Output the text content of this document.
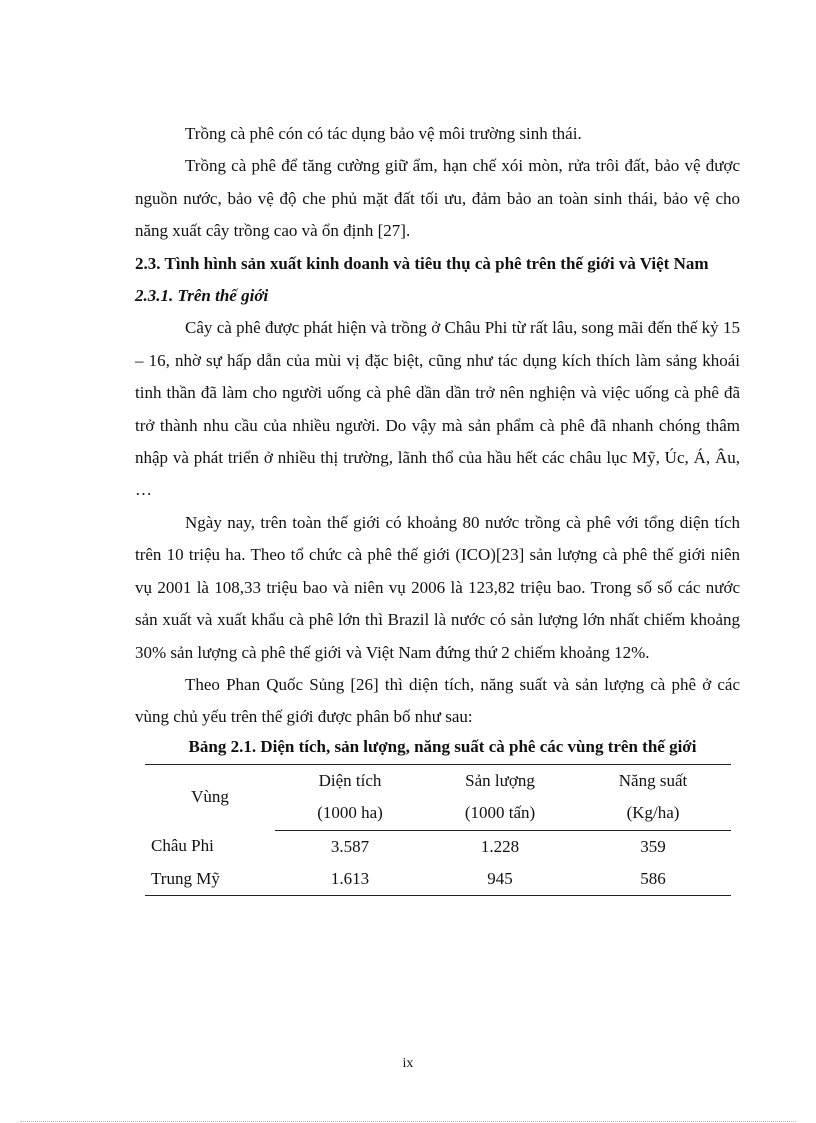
Trồng cà phê cón có tác dụng bảo vệ môi trường sinh thái.

Trồng cà phê để tăng cường giữ ẩm, hạn chế xói mòn, rửa trôi đất, bảo vệ được nguồn nước, bảo vệ độ che phủ mặt đất tối ưu, đảm bảo an toàn sinh thái, bảo vệ cho năng xuất cây trồng cao và ổn định [27].

2.3. Tình hình sản xuất kinh doanh và tiêu thụ cà phê trên thế giới và Việt Nam

2.3.1. Trên thế giới

Cây cà phê được phát hiện và trồng ở Châu Phi từ rất lâu, song mãi đến thế kỷ 15 – 16, nhờ sự hấp dẫn của mùi vị đặc biệt, cũng như tác dụng kích thích làm sảng khoái tinh thần đã làm cho người uống cà phê dần dần trở nên nghiện và việc uống cà phê đã trở thành nhu cầu của nhiều người. Do vậy mà sản phẩm cà phê đã nhanh chóng thâm nhập và phát triển ở nhiều thị trường, lãnh thổ của hầu hết các châu lục Mỹ, Úc, Á, Âu, …

Ngày nay, trên toàn thế giới có khoảng 80 nước trồng cà phê với tổng diện tích trên 10 triệu ha. Theo tổ chức cà phê thế giới (ICO)[23] sản lượng cà phê thế giới niên vụ 2001 là 108,33 triệu bao và niên vụ 2006 là 123,82 triệu bao. Trong số số các nước sản xuất và xuất khẩu cà phê lớn thì Brazil là nước có sản lượng lớn nhất chiếm khoảng 30% sản lượng cà phê thế giới và Việt Nam đứng thứ 2 chiếm khoảng 12%.

Theo Phan Quốc Sủng [26] thì diện tích, năng suất và sản lượng cà phê ở các vùng chủ yếu trên thế giới được phân bố như sau:

Bảng 2.1. Diện tích, sản lượng, năng suất cà phê các vùng trên thế giới

Vùng	Diện tích	Sản lượng	Năng suất
	(1000 ha)	(1000 tấn)	(Kg/ha)
Châu Phi	3.587	1.228	359
Trung Mỹ	1.613	945	586
ix
